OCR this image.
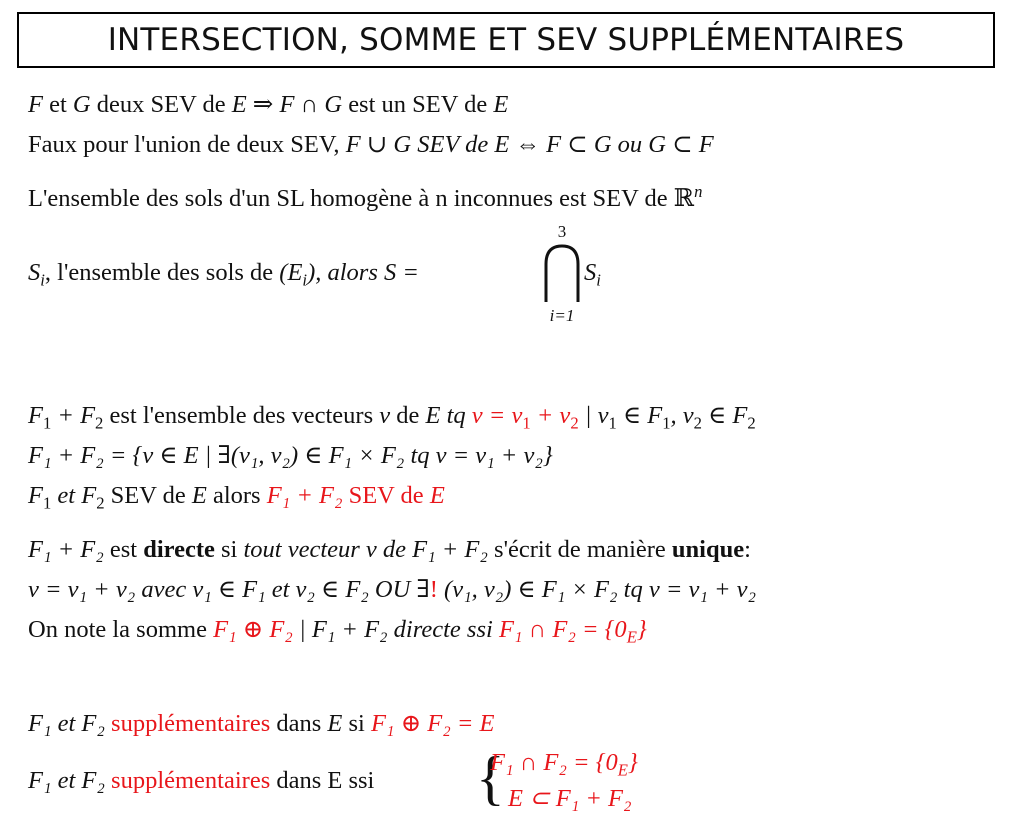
INTERSECTION, SOMME ET SEV SUPPLÉMENTAIRES
F et G deux SEV de E ⇒ F ∩ G est un SEV de E
Faux pour l'union de deux SEV, F ∪ G SEV de E ⇔ F ⊂ G ou G ⊂ F
L'ensemble des sols d'un SL homogène à n inconnues est SEV de ℝ$^n$
$S_i$, l'ensemble des sols de $(E_i)$, alors S =
3
i=1
$S_i$
$F_1 + F_2$ est l'ensemble des vecteurs v de E tq $v = v_1 + v_2$ | $v_1$ ∈ $F_1$, $v_2$ ∈ $F_2$
F₁ + F₂ = {v ∈ E | ∃(v₁, v₂) ∈ F₁ × F₂ tq v = v₁ + v₂}
$F_1$ et $F_2$ SEV de E alors F₁ + F₂ SEV de E
F₁ + F₂ est directe si tout vecteur v de F₁ + F₂ s'écrit de manière unique:
v = v₁ + v₂ avec v₁ ∈ F₁ et v₂ ∈ F₂ OU ∃! (v₁, v₂) ∈ F₁ × F₂ tq v = v₁ + v₂
On note la somme F₁ ⊕ F₂ | F₁ + F₂ directe ssi F₁ ∩ $F_2 = \{0_E\}$
F₁ et F₂ supplémentaires dans E si F₁ ⊕ F₂ = E
F₁ et F₂ supplémentaires dans E ssi {
F₁ ∩ $F_2 = \{0_E\}$
E ⊂ F₁ + F₂
